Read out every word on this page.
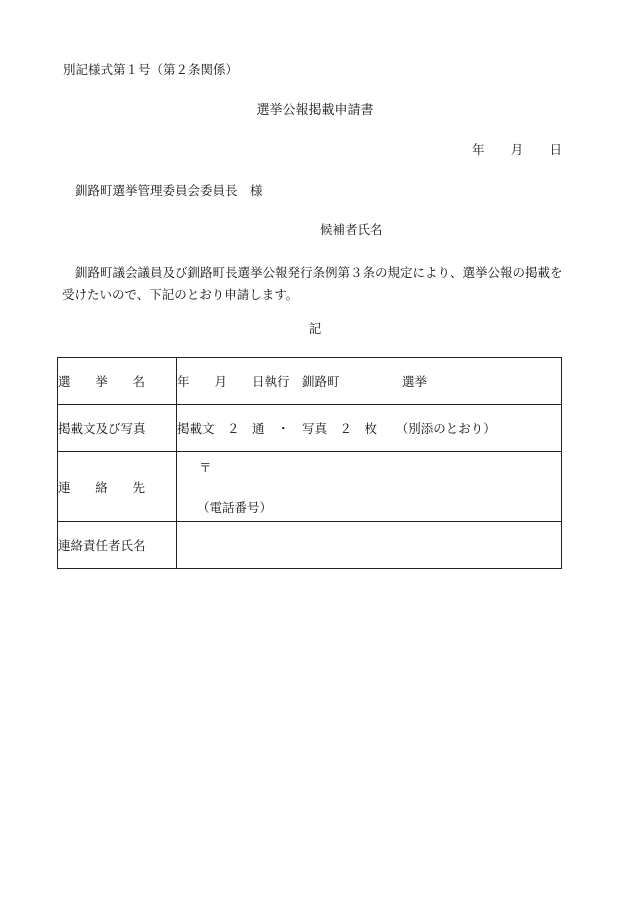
別記様式第１号（第２条関係）
選挙公報掲載申請書
年 月 日
釧路町選挙管理委員会委員長　様
候補者氏名
釧路町議会議員及び釧路町長選挙公報発行条例第３条の規定により、選挙公報の掲載を受けたいので、下記のとおり申請します。
記
選 挙 名	年　　月　　日執行　釧路町　　　　　選挙
掲載文及び写真	掲載文　２　通　・　写真　２　枚　　（別添のとおり）

連 絡 先	〒
（電話番号）

連絡責任者氏名	
